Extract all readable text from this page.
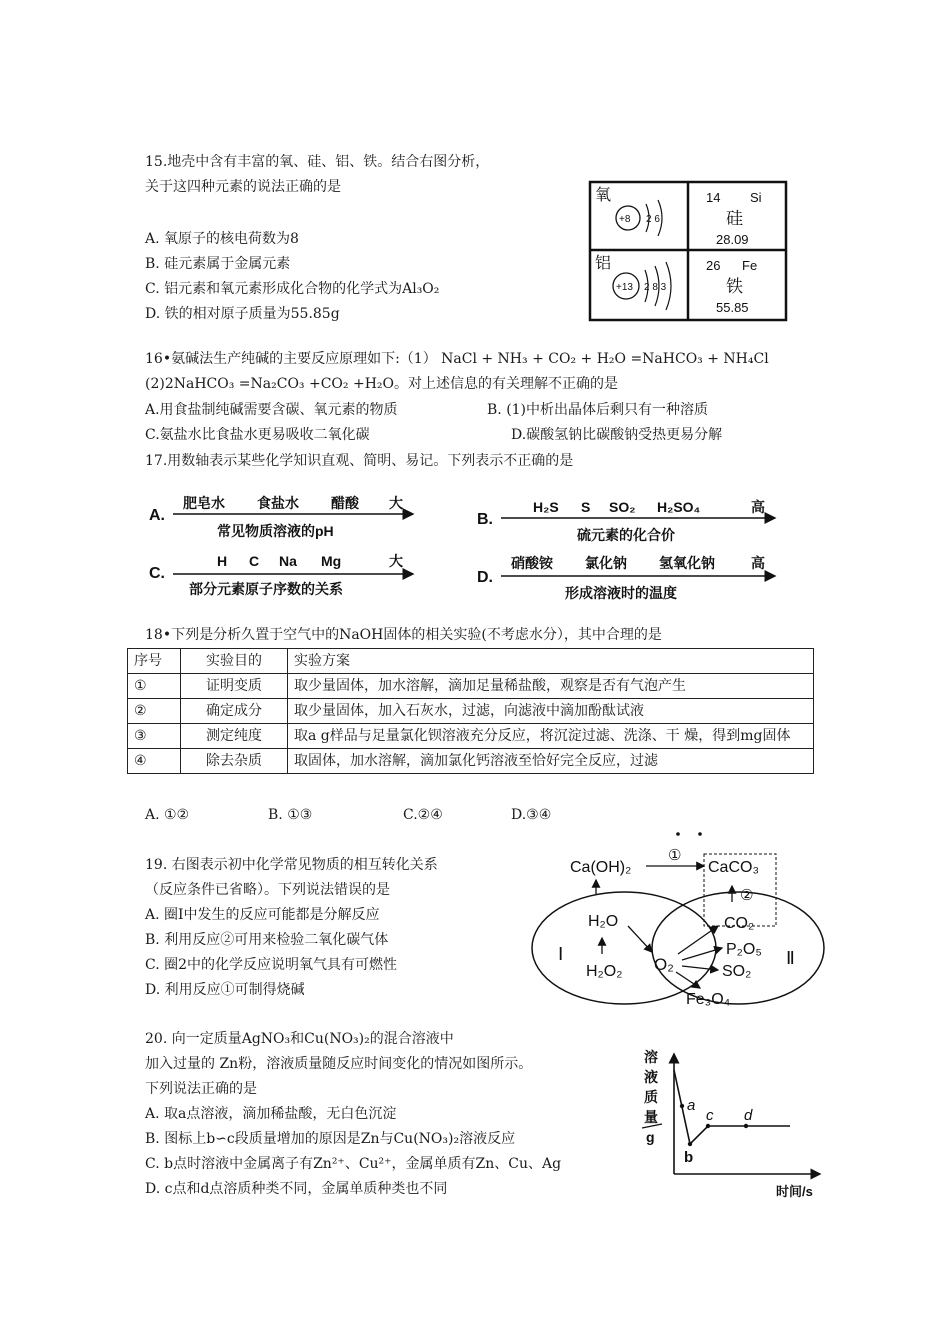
15.地壳中含有丰富的氧、硅、铝、铁。结合右图分析，
关于这四种元素的说法正确的是
A. 氧原子的核电荷数为8
B. 硅元素属于金属元素
C. 铝元素和氧元素形成化合物的化学式为Al₃O₂
D. 铁的相对原子质量为55.85g
氧
+8 2 6
14 Si
硅
28.09
铝
+13 2 8 3
26 Fe
铁
55.85
16•氨碱法生产纯碱的主要反应原理如下:（1） NaCl + NH₃ + CO₂ + H₂O =NaHCO₃ + NH₄Cl
(2)2NaHCO₃ =Na₂CO₃ +CO₂ +H₂O。对上述信息的有关理解不正确的是
A.用食盐制纯碱需要含碳、氧元素的物质	B. (1)中析出晶体后剩只有一种溶质
C.氨盐水比食盐水更易吸收二氧化碳	D.碳酸氢钠比碳酸钠受热更易分解
17.用数轴表示某些化学知识直观、简明、易记。下列表示不正确的是
A.
肥皂水 食盐水 醋酸 大
常见物质溶液的pH
B.
H₂S S SO₂ H₂SO₄	高
硫元素的化合价
C.
H C Na Mg	大
部分元素原子序数的关系
D.
硝酸铵 氯化钠 氢氧化钠	高
形成溶液时的温度
18•下列是分析久置于空气中的NaOH固体的相关实验(不考虑水分），其中合理的是
序号	实验目的	实验方案
①	证明变质	取少量固体，加水溶解，滴加足量稀盐酸，观察是否有气泡产生
②	确定成分	取少量固体，加入石灰水，过滤，向滤液中滴加酚酞试液
③	测定纯度	取a g样品与足量氯化钡溶液充分反应，将沉淀过滤、洗涤、干 燥，得到mg固体
④	除去杂质	取固体，加水溶解，滴加氯化钙溶液至恰好完全反应，过滤
A. ①②	B. ①③	C.②④	D.③④
19. 右图表示初中化学常见物质的相互转化关系
（反应条件已省略）。下列说法错误的是
A. 圈Ⅰ中发生的反应可能都是分解反应
B. 利用反应②可用来检验二氧化碳气体
C. 圈2中的化学反应说明氧气具有可燃性
D. 利用反应①可制得烧碱
Ca(OH)₂
①
CaCO₃
②
H₂O
H₂O₂
Ⅰ
O₂
CO₂
P₂O₅
SO₂
Fe₃O₄
Ⅱ
20. 向一定质量AgNO₃和Cu(NO₃)₂的混合溶液中
加入过量的 Zn粉，溶液质量随反应时间变化的情况如图所示。
下列说法正确的是
A. 取a点溶液，滴加稀盐酸，无白色沉淀
B. 图标上b∽c段质量增加的原因是Zn与Cu(NO₃)₂溶液反应
C. b点时溶液中金属离子有Zn²⁺、Cu²⁺，金属单质有Zn、Cu、Ag
D. c点和d点溶质种类不同，金属单质种类也不同
溶
液
质
量
g
a
b
c d
时间/s
